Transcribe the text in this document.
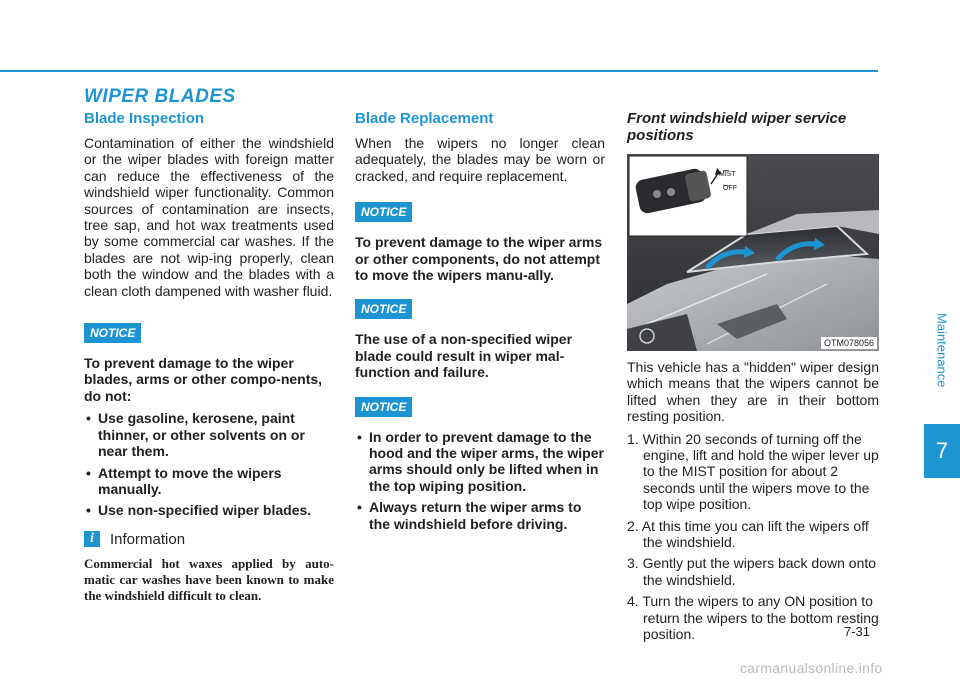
WIPER BLADES
Blade Inspection

Contamination of either the windshield or the wiper blades with foreign matter can reduce the effectiveness of the windshield wiper functionality. Common sources of contamination are insects, tree sap, and hot wax treatments used by some commercial car washes. If the blades are not wip-ing properly, clean both the window and the blades with a clean cloth dampened with washer fluid.

NOTICE

To prevent damage to the wiper blades, arms or other compo-nents, do not:

• Use gasoline, kerosene, paint thinner, or other solvents on or near them.
• Attempt to move the wipers manually.
• Use non-specified wiper blades.
i	Information

Commercial hot waxes applied by auto-matic car washes have been known to make the windshield difficult to clean.

Blade Replacement

When the wipers no longer clean adequately, the blades may be worn or cracked, and require replacement.

NOTICE

To prevent damage to the wiper arms or other components, do not attempt to move the wipers manu-ally.

NOTICE

The use of a non-specified wiper blade could result in wiper mal-function and failure.

NOTICE
• In order to prevent damage to the hood and the wiper arms, the wiper arms should only be lifted when in the top wiping position.
• Always return the wiper arms to the windshield before driving.
Front windshield wiper service positions
MIST
OFF
OTM078056

This vehicle has a "hidden" wiper design which means that the wipers cannot be lifted when they are in their bottom resting position.

1. Within 20 seconds of turning off the engine, lift and hold the wiper lever up to the MIST position for about 2 seconds until the wipers move to the top wipe position.
2. At this time you can lift the wipers off the windshield.
3. Gently put the wipers back down onto the windshield.
4. Turn the wipers to any ON position to return the wipers to the bottom resting position.
Maintenance
7
7-31
carmanualsonline.info
